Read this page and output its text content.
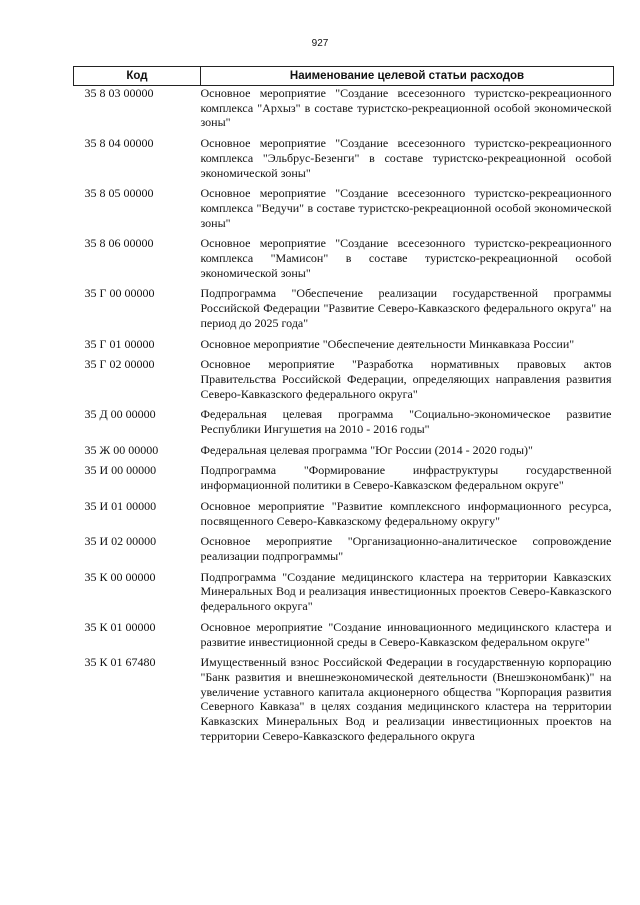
927
Код	Наименование целевой статьи расходов
35 8 03 00000	Основное мероприятие "Создание всесезонного туристско-рекреационного комплекса "Архыз" в составе туристско-рекреационной особой экономической зоны"
35 8 04 00000	Основное мероприятие "Создание всесезонного туристско-рекреационного комплекса "Эльбрус-Безенги" в составе туристско-рекреационной особой экономической зоны"
35 8 05 00000	Основное мероприятие "Создание всесезонного туристско-рекреационного комплекса "Ведучи" в составе туристско-рекреационной особой экономической зоны"
35 8 06 00000	Основное мероприятие "Создание всесезонного туристско-рекреационного комплекса "Мамисон" в составе туристско-рекреационной особой экономической зоны"
35 Г 00 00000	Подпрограмма "Обеспечение реализации государственной программы Российской Федерации "Развитие Северо-Кавказского федерального округа" на период до 2025 года"
35 Г 01 00000	Основное мероприятие "Обеспечение деятельности Минкавказа России"
35 Г 02 00000	Основное мероприятие "Разработка нормативных правовых актов Правительства Российской Федерации, определяющих направления развития Северо-Кавказского федерального округа"
35 Д 00 00000	Федеральная целевая программа "Социально-экономическое развитие Республики Ингушетия на 2010 - 2016 годы"
35 Ж 00 00000	Федеральная целевая программа "Юг России (2014 - 2020 годы)"
35 И 00 00000	Подпрограмма "Формирование инфраструктуры государственной информационной политики в Северо-Кавказском федеральном округе"
35 И 01 00000	Основное мероприятие "Развитие комплексного информационного ресурса, посвященного Северо-Кавказскому федеральному округу"
35 И 02 00000	Основное мероприятие "Организационно-аналитическое сопровождение реализации подпрограммы"
35 К 00 00000	Подпрограмма "Создание медицинского кластера на территории Кавказских Минеральных Вод и реализация инвестиционных проектов Северо-Кавказского федерального округа"
35 К 01 00000	Основное мероприятие "Создание инновационного медицинского кластера и развитие инвестиционной среды в Северо-Кавказском федеральном округе"
35 К 01 67480	Имущественный взнос Российской Федерации в государственную корпорацию "Банк развития и внешнеэкономической деятельности (Внешэкономбанк)" на увеличение уставного капитала акционерного общества "Корпорация развития Северного Кавказа" в целях создания медицинского кластера на территории Кавказских Минеральных Вод и реализации инвестиционных проектов на территории Северо-Кавказского федерального округа
